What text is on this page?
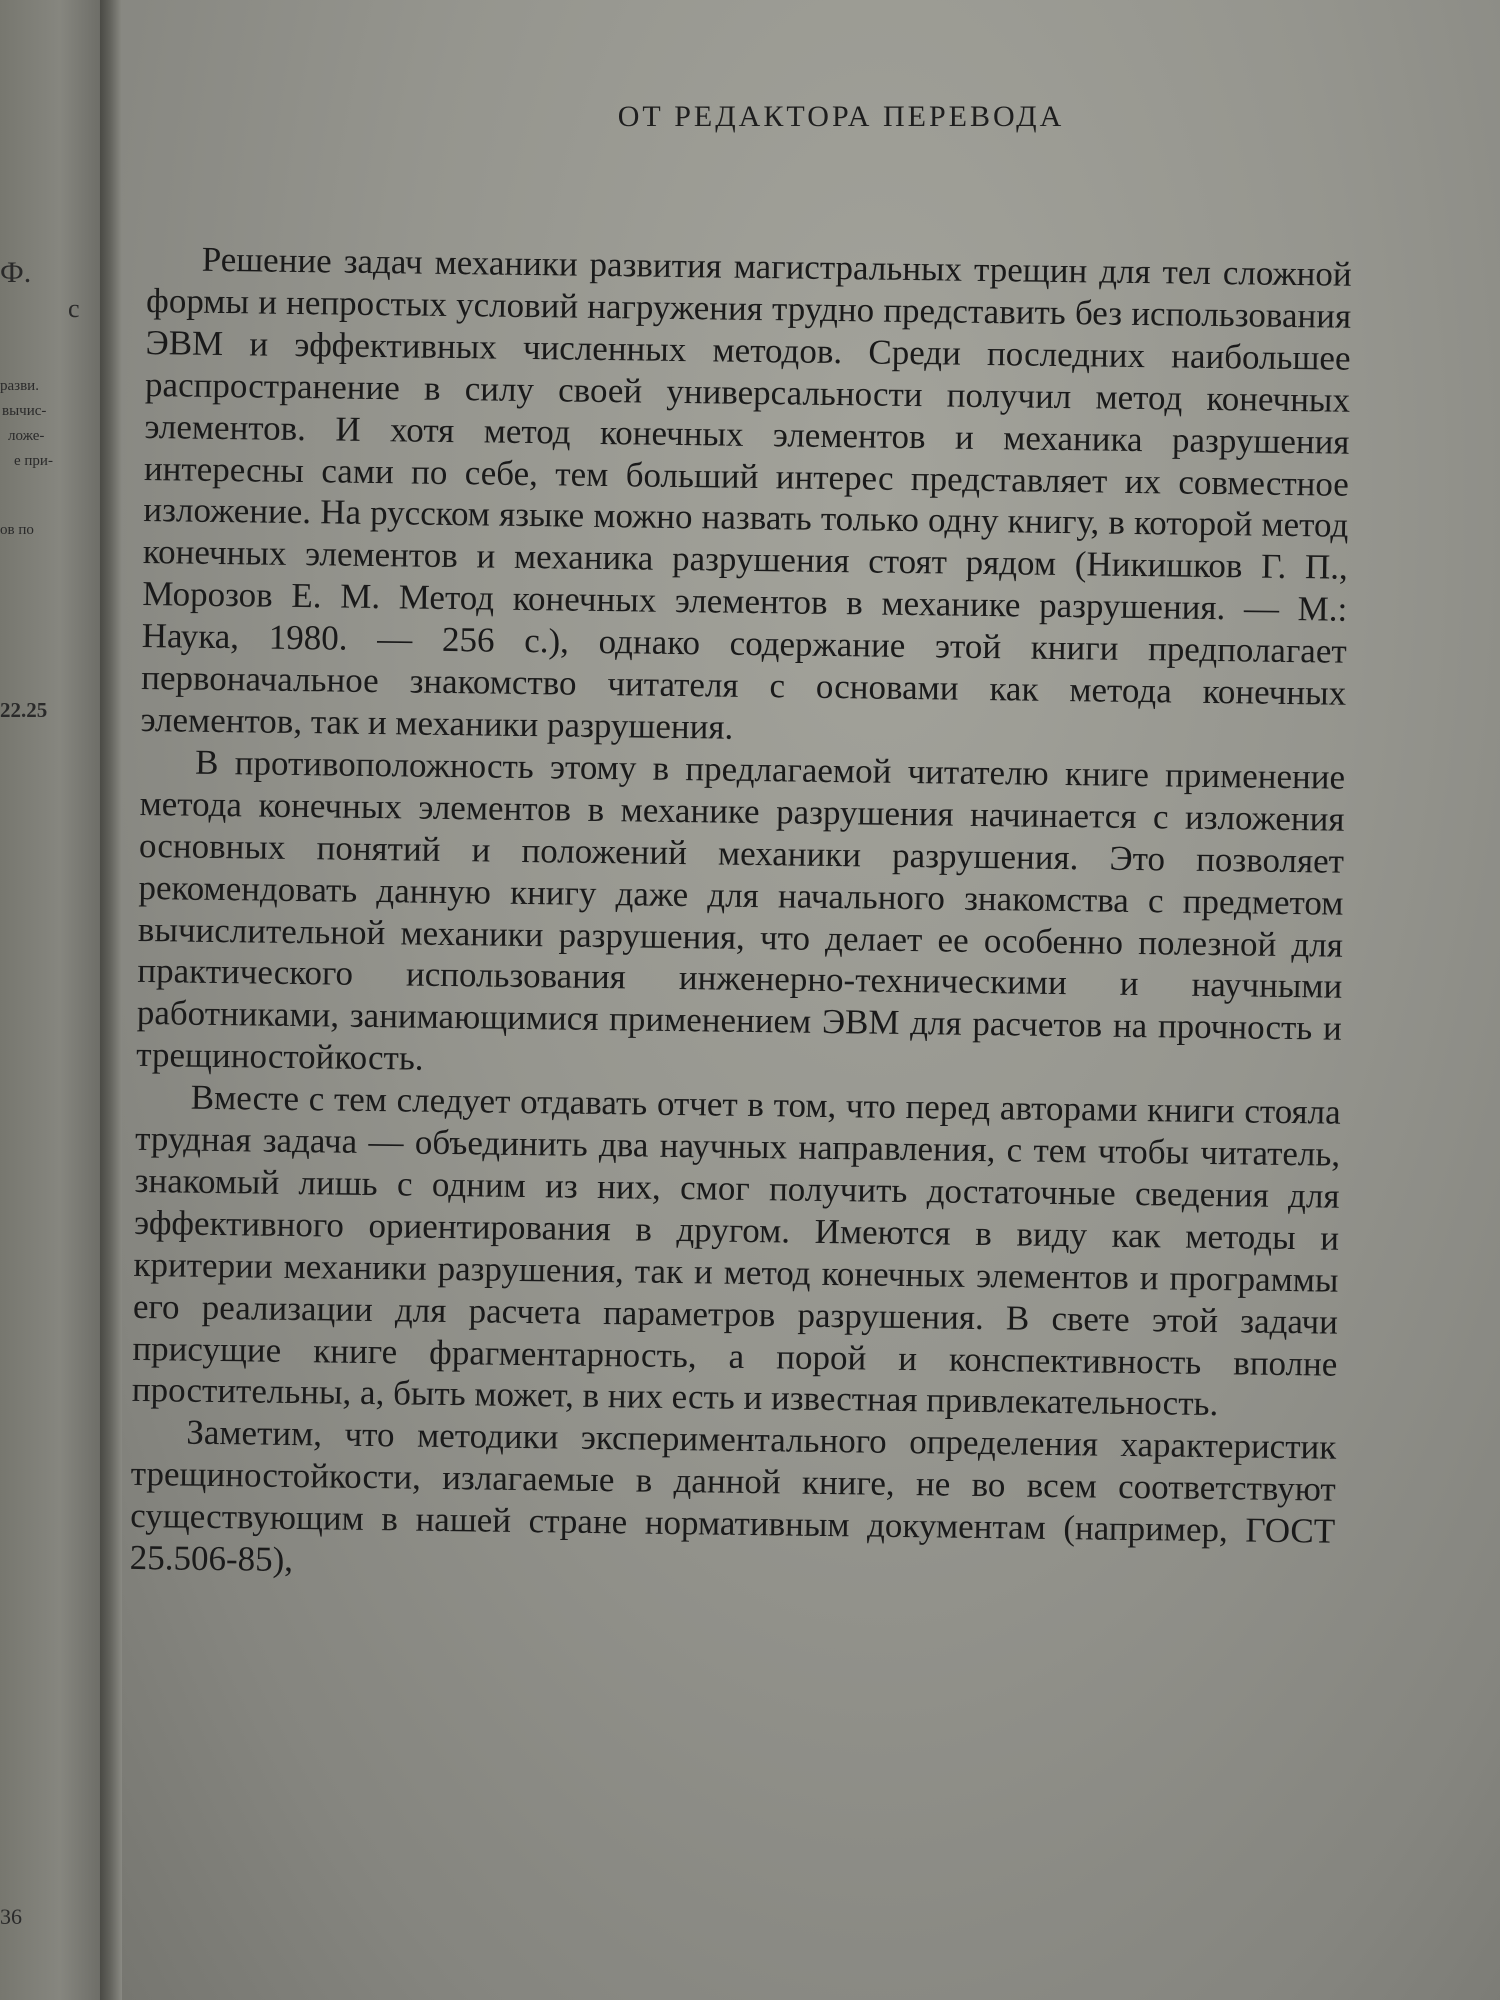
Ф.
с
разви.
вычис-
ложе-
е при-
ов по
22.25
36
ОТ РЕДАКТОРА ПЕРЕВОДА

Решение задач механики развития магистральных трещин для тел сложной формы и непростых условий нагружения трудно представить без использования ЭВМ и эффективных численных методов. Среди последних наибольшее распространение в силу своей универсальности получил метод конечных элементов. И хотя метод конечных элементов и механика разрушения интересны сами по себе, тем больший интерес представляет их совместное изложение. На русском языке можно назвать только одну книгу, в которой метод конечных элементов и механика разрушения стоят рядом (Никишков Г. П., Морозов Е. М. Метод конечных элементов в механике разрушения. — М.: Наука, 1980. — 256 с.), однако содержание этой книги предполагает первоначальное знакомство читателя с основами как метода конечных элементов, так и механики разрушения.

В противоположность этому в предлагаемой читателю книге применение метода конечных элементов в механике разрушения начинается с изложения основных понятий и положений механики разрушения. Это позволяет рекомендовать данную книгу даже для начального знакомства с предметом вычислительной механики разрушения, что делает ее особенно полезной для практического использования инженерно-техническими и научными работниками, занимающимися применением ЭВМ для расчетов на прочность и трещиностойкость.

Вместе с тем следует отдавать отчет в том, что перед авторами книги стояла трудная задача — объединить два научных направления, с тем чтобы читатель, знакомый лишь с одним из них, смог получить достаточные сведения для эффективного ориентирования в другом. Имеются в виду как методы и критерии механики разрушения, так и метод конечных элементов и программы его реализации для расчета параметров разрушения. В свете этой задачи присущие книге фрагментарность, а порой и конспективность вполне простительны, а, быть может, в них есть и известная привлекательность.

Заметим, что методики экспериментального определения характеристик трещиностойкости, излагаемые в данной книге, не во всем соответствуют существующим в нашей стране нормативным документам (например, ГОСТ 25.506-85),
